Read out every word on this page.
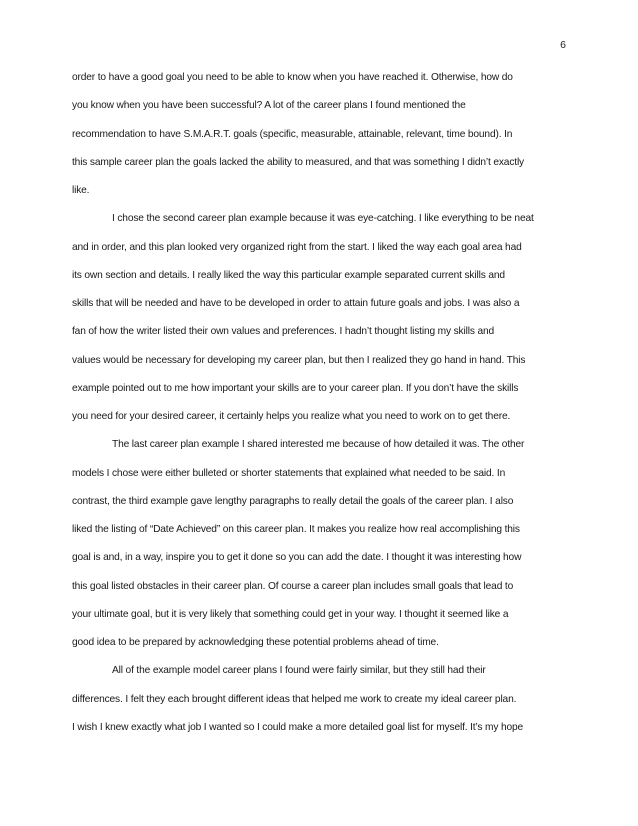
6
order to have a good goal you need to be able to know when you have reached it. Otherwise, how do
you know when you have been successful? A lot of the career plans I found mentioned the
recommendation to have S.M.A.R.T. goals (specific, measurable, attainable, relevant, time bound). In
this sample career plan the goals lacked the ability to measured, and that was something I didn’t exactly
like.
I chose the second career plan example because it was eye-catching. I like everything to be neat
and in order, and this plan looked very organized right from the start. I liked the way each goal area had
its own section and details. I really liked the way this particular example separated current skills and
skills that will be needed and have to be developed in order to attain future goals and jobs. I was also a
fan of how the writer listed their own values and preferences. I hadn’t thought listing my skills and
values would be necessary for developing my career plan, but then I realized they go hand in hand. This
example pointed out to me how important your skills are to your career plan. If you don’t have the skills
you need for your desired career, it certainly helps you realize what you need to work on to get there.
The last career plan example I shared interested me because of how detailed it was. The other
models I chose were either bulleted or shorter statements that explained what needed to be said. In
contrast, the third example gave lengthy paragraphs to really detail the goals of the career plan. I also
liked the listing of “Date Achieved” on this career plan. It makes you realize how real accomplishing this
goal is and, in a way, inspire you to get it done so you can add the date. I thought it was interesting how
this goal listed obstacles in their career plan. Of course a career plan includes small goals that lead to
your ultimate goal, but it is very likely that something could get in your way. I thought it seemed like a
good idea to be prepared by acknowledging these potential problems ahead of time.
All of the example model career plans I found were fairly similar, but they still had their
differences. I felt they each brought different ideas that helped me work to create my ideal career plan.
I wish I knew exactly what job I wanted so I could make a more detailed goal list for myself. It’s my hope
